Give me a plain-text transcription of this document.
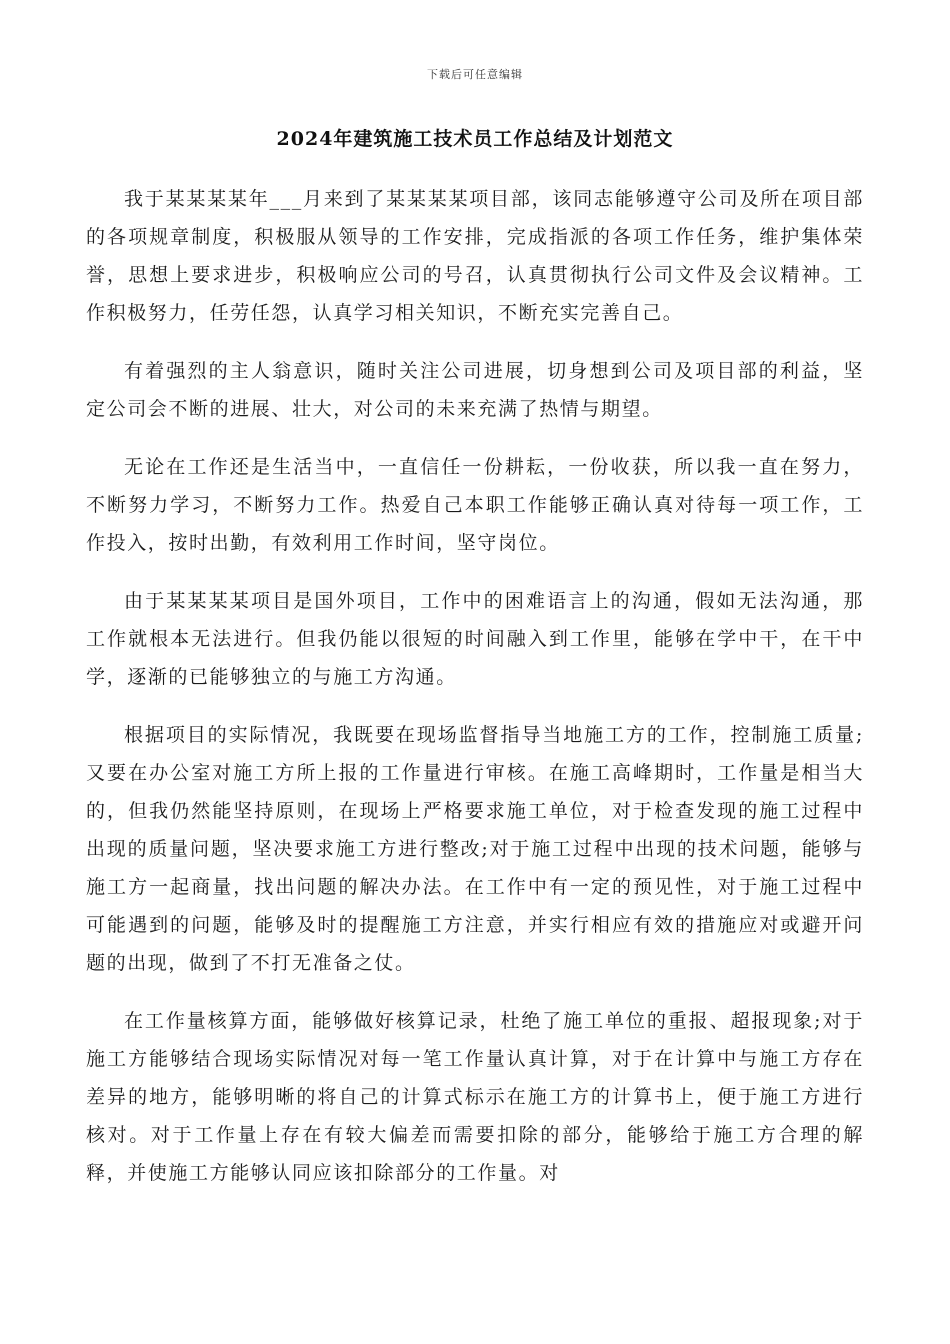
下载后可任意编辑
2024年建筑施工技术员工作总结及计划范文

我于某某某某年___月来到了某某某某项目部，该同志能够遵守公司及所在项目部的各项规章制度，积极服从领导的工作安排，完成指派的各项工作任务，维护集体荣誉，思想上要求进步，积极响应公司的号召，认真贯彻执行公司文件及会议精神。工作积极努力，任劳任怨，认真学习相关知识，不断充实完善自己。

有着强烈的主人翁意识，随时关注公司进展，切身想到公司及项目部的利益，坚定公司会不断的进展、壮大，对公司的未来充满了热情与期望。

无论在工作还是生活当中，一直信任一份耕耘，一份收获，所以我一直在努力，不断努力学习，不断努力工作。热爱自己本职工作能够正确认真对待每一项工作，工作投入，按时出勤，有效利用工作时间，坚守岗位。

由于某某某某项目是国外项目，工作中的困难语言上的沟通，假如无法沟通，那工作就根本无法进行。但我仍能以很短的时间融入到工作里，能够在学中干，在干中学，逐渐的已能够独立的与施工方沟通。

根据项目的实际情况，我既要在现场监督指导当地施工方的工作，控制施工质量;又要在办公室对施工方所上报的工作量进行审核。在施工高峰期时，工作量是相当大的，但我仍然能坚持原则，在现场上严格要求施工单位，对于检查发现的施工过程中出现的质量问题，坚决要求施工方进行整改;对于施工过程中出现的技术问题，能够与施工方一起商量，找出问题的解决办法。在工作中有一定的预见性，对于施工过程中可能遇到的问题，能够及时的提醒施工方注意，并实行相应有效的措施应对或避开问题的出现，做到了不打无准备之仗。

在工作量核算方面，能够做好核算记录，杜绝了施工单位的重报、超报现象;对于施工方能够结合现场实际情况对每一笔工作量认真计算，对于在计算中与施工方存在差异的地方，能够明晰的将自己的计算式标示在施工方的计算书上，便于施工方进行核对。对于工作量上存在有较大偏差而需要扣除的部分，能够给于施工方合理的解释，并使施工方能够认同应该扣除部分的工作量。对
